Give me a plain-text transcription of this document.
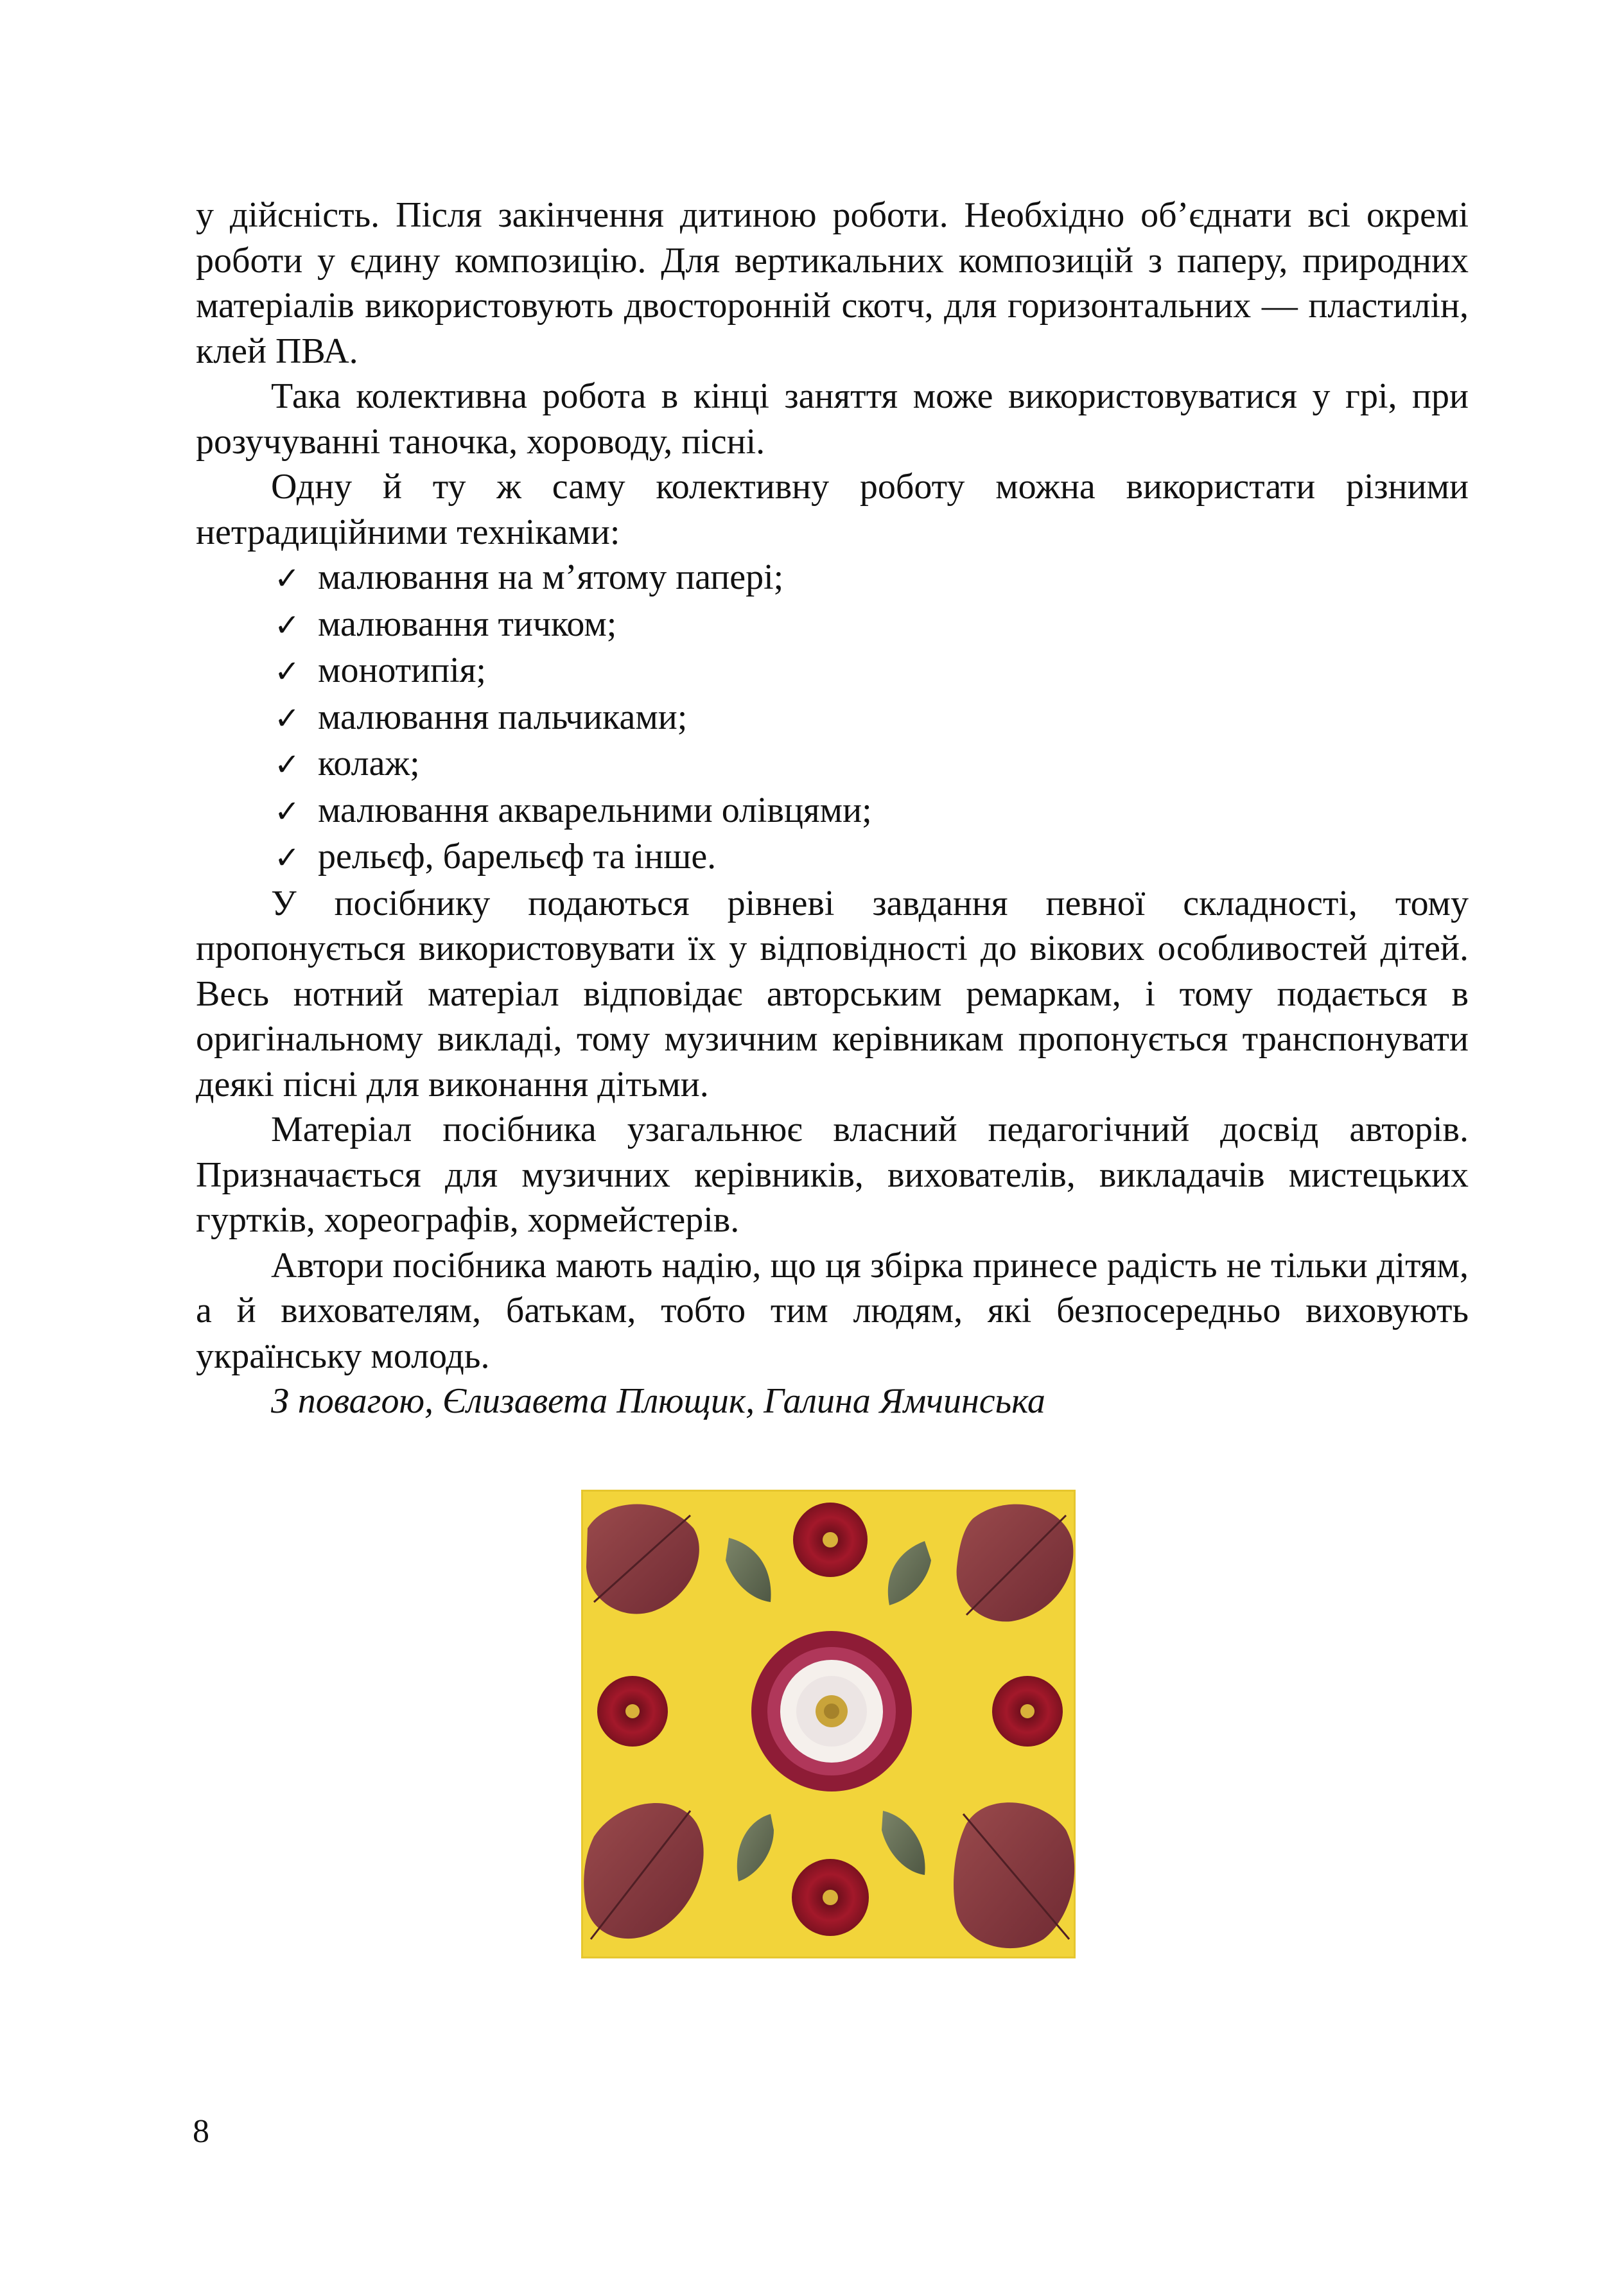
у дійсність. Після закінчення дитиною роботи. Необхідно об’єднати всі окремі роботи у єдину композицію. Для вертикальних композицій з паперу, природних матеріалів використовують двосторонній скотч, для горизонтальних — пластилін, клей ПВА.

Така колективна робота в кінці заняття може використовуватися у грі, при розучуванні таночка, хороводу, пісні.

Одну й ту ж саму колективну роботу можна використати різними нетрадиційними техніками:

✓ малювання на м’ятому папері;
✓ малювання тичком;
✓ монотипія;
✓ малювання пальчиками;
✓ колаж;
✓ малювання акварельними олівцями;
✓ рельєф, барельєф та інше.

У посібнику подаються рівневі завдання певної складності, тому пропонується використовувати їх у відповідності до вікових особливостей дітей. Весь нотний матеріал відповідає авторським ремаркам, і тому подається в оригінальному викладі, тому музичним керівникам пропонується транспонувати деякі пісні для виконання дітьми.

Матеріал посібника узагальнює власний педагогічний досвід авторів. Призначається для музичних керівників, вихователів, викладачів мистецьких гуртків, хореографів, хормейстерів.

Автори посібника мають надію, що ця збірка принесе радість не тільки дітям, а й вихователям, батькам, тобто тим людям, які безпосередньо виховують українську молодь.

З повагою, Єлизавета Плющик, Галина Ямчинська

8
